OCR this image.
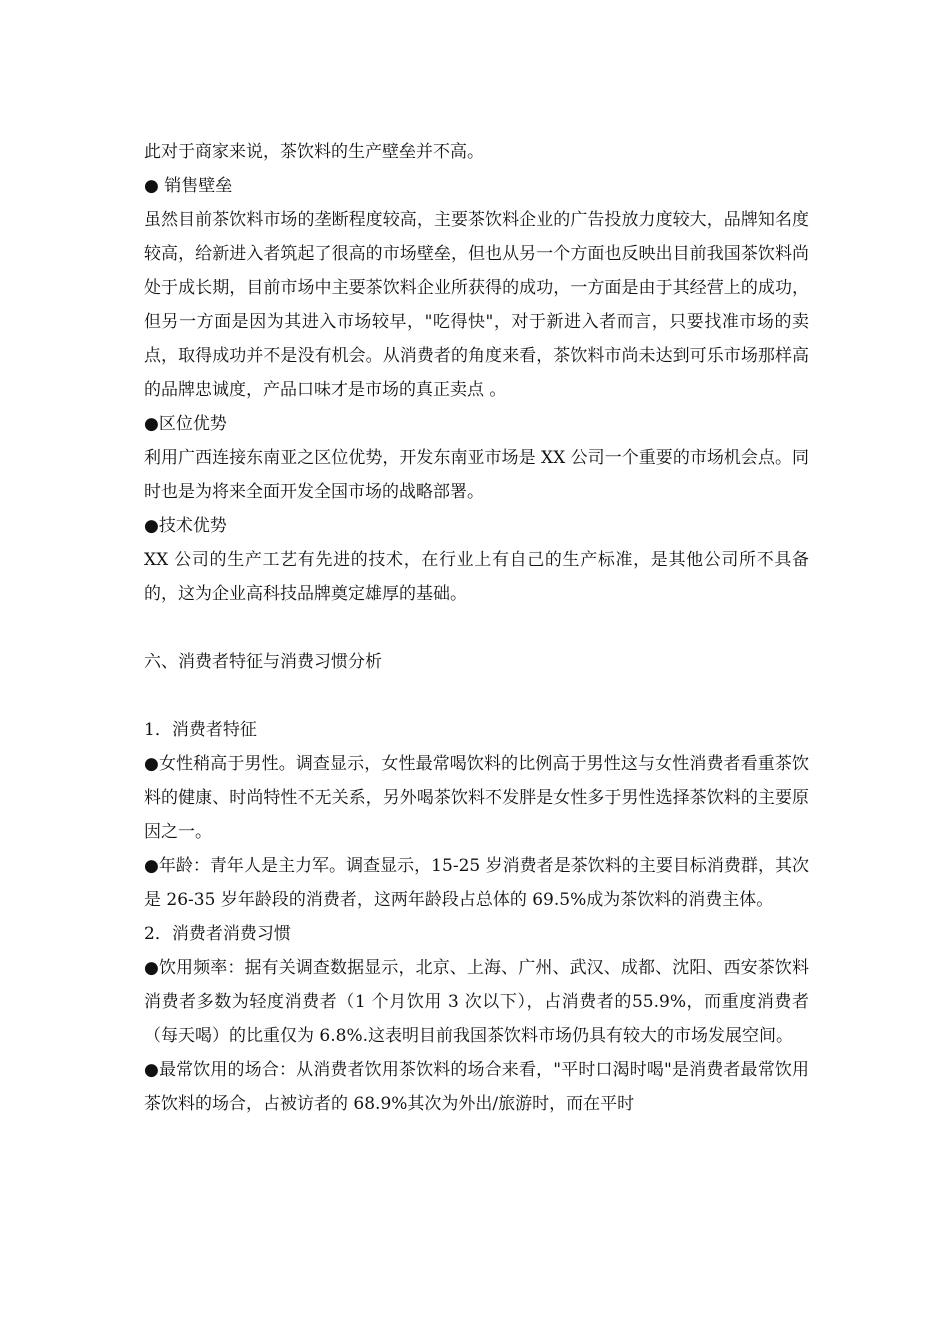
此对于商家来说，茶饮料的生产壁垒并不高。

● 销售壁垒

虽然目前茶饮料市场的垄断程度较高，主要茶饮料企业的广告投放力度较大，品牌知名度较高，给新进入者筑起了很高的市场壁垒，但也从另一个方面也反映出目前我国茶饮料尚处于成长期，目前市场中主要茶饮料企业所获得的成功，一方面是由于其经营上的成功，但另一方面是因为其进入市场较早，"吃得快"，对于新进入者而言，只要找准市场的卖点，取得成功并不是没有机会。从消费者的角度来看，茶饮料市尚未达到可乐市场那样高的品牌忠诚度，产品口味才是市场的真正卖点 。

●区位优势

利用广西连接东南亚之区位优势，开发东南亚市场是 XX 公司一个重要的市场机会点。同时也是为将来全面开发全国市场的战略部署。

●技术优势

XX 公司的生产工艺有先进的技术，在行业上有自己的生产标准，是其他公司所不具备的，这为企业高科技品牌奠定雄厚的基础。

六、消费者特征与消费习惯分析

1．消费者特征

●女性稍高于男性。调查显示，女性最常喝饮料的比例高于男性这与女性消费者看重茶饮料的健康、时尚特性不无关系，另外喝茶饮料不发胖是女性多于男性选择茶饮料的主要原因之一。

●年龄：青年人是主力军。调查显示，15-25 岁消费者是茶饮料的主要目标消费群，其次是 26-35 岁年龄段的消费者，这两年龄段占总体的 69.5%成为茶饮料的消费主体。

2．消费者消费习惯

●饮用频率：据有关调查数据显示，北京、上海、广州、武汉、成都、沈阳、西安茶饮料消费者多数为轻度消费者（1 个月饮用 3 次以下），占消费者的55.9%，而重度消费者（每天喝）的比重仅为 6.8%.这表明目前我国茶饮料市场仍具有较大的市场发展空间。

●最常饮用的场合：从消费者饮用茶饮料的场合来看，"平时口渴时喝"是消费者最常饮用茶饮料的场合，占被访者的 68.9%其次为外出/旅游时，而在平时
